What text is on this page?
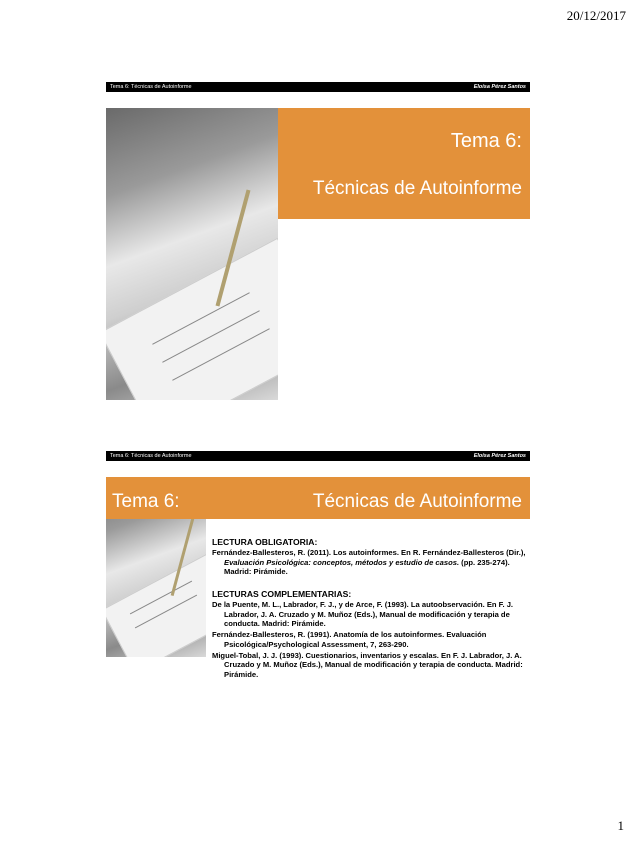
20/12/2017
Tema 6: Técnicas de Autoinforme	Eloísa Pérez Santos
Tema 6:
Técnicas de Autoinforme
Tema 6: Técnicas de Autoinforme	Eloísa Pérez Santos
Tema 6:	Técnicas de Autoinforme
LECTURA OBLIGATORIA:
Fernández-Ballesteros, R. (2011). Los autoinformes. En R. Fernández-Ballesteros (Dir.), Evaluación Psicológica: conceptos, métodos y estudio de casos. (pp. 235-274). Madrid: Pirámide.
LECTURAS COMPLEMENTARIAS:
De la Puente, M. L., Labrador, F. J., y de Arce, F. (1993). La autoobservación. En F. J. Labrador, J. A. Cruzado y M. Muñoz (Eds.), Manual de modificación y terapia de conducta. Madrid: Pirámide.
Fernández-Ballesteros, R. (1991). Anatomía de los autoinformes. Evaluación Psicológica/Psychological Assessment, 7, 263-290.
Miguel-Tobal, J. J. (1993). Cuestionarios, inventarios y escalas. En F. J. Labrador, J. A. Cruzado y M. Muñoz (Eds.), Manual de modificación y terapia de conducta. Madrid: Pirámide.
1
